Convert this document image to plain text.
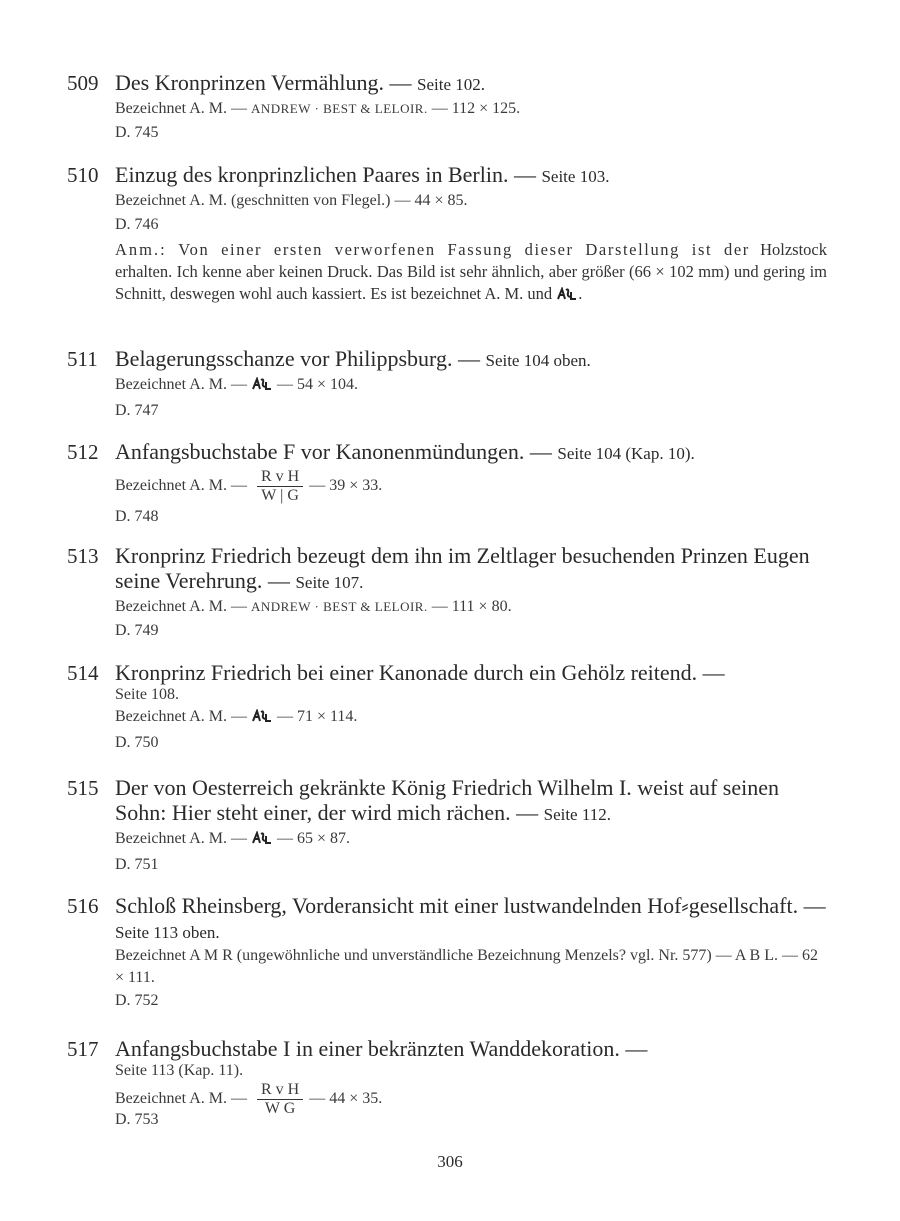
509 Des Kronprinzen Vermählung. — Seite 102.
Bezeichnet A. M. — ANDREW · BEST & LELOIR. — 112 × 125.
D. 745
510 Einzug des kronprinzlichen Paares in Berlin. — Seite 103.
Bezeichnet A. M. (geschnitten von Flegel.) — 44 × 85.
D. 746
Anm.: Von einer ersten verworfenen Fassung dieser Darstellung ist der Holzstock erhalten. Ich kenne aber keinen Druck. Das Bild ist sehr ähnlich, aber größer (66 × 102 mm) und gering im Schnitt, deswegen wohl auch kassiert. Es ist bezeichnet A. M. und .
511 Belagerungsschanze vor Philippsburg. — Seite 104 oben.
Bezeichnet A. M. —  — 54 × 104.
D. 747
512 Anfangsbuchstabe F vor Kanonenmündungen. — Seite 104 (Kap. 10).
Bezeichnet A. M. — $\frac{\text{R v H}}{W | G}$ — 39 × 33.
D. 748
513 Kronprinz Friedrich bezeugt dem ihn im Zeltlager besuchenden Prinzen Eugen seine Verehrung. — Seite 107.
Bezeichnet A. M. — ANDREW · BEST & LELOIR. — 111 × 80.
D. 749
514 Kronprinz Friedrich bei einer Kanonade durch ein Gehölz reitend. —
Seite 108.
Bezeichnet A. M. —  — 71 × 114.
D. 750
515 Der von Oesterreich gekränkte König Friedrich Wilhelm I. weist auf seinen Sohn: Hier steht einer, der wird mich rächen. — Seite 112.
Bezeichnet A. M. —  — 65 × 87.
D. 751
516 Schloß Rheinsberg, Vorderansicht mit einer lustwandelnden Hof⸗gesellschaft. — Seite 113 oben.
Bezeichnet A M R (ungewöhnliche und unverständliche Bezeichnung Menzels? vgl. Nr. 577) — A B L. — 62 × 111.
D. 752
517 Anfangsbuchstabe I in einer bekränzten Wanddekoration. —
Seite 113 (Kap. 11).
Bezeichnet A. M. — $\frac{\text{R v H}}{\text{W G}}$ — 44 × 35.
D. 753
306
